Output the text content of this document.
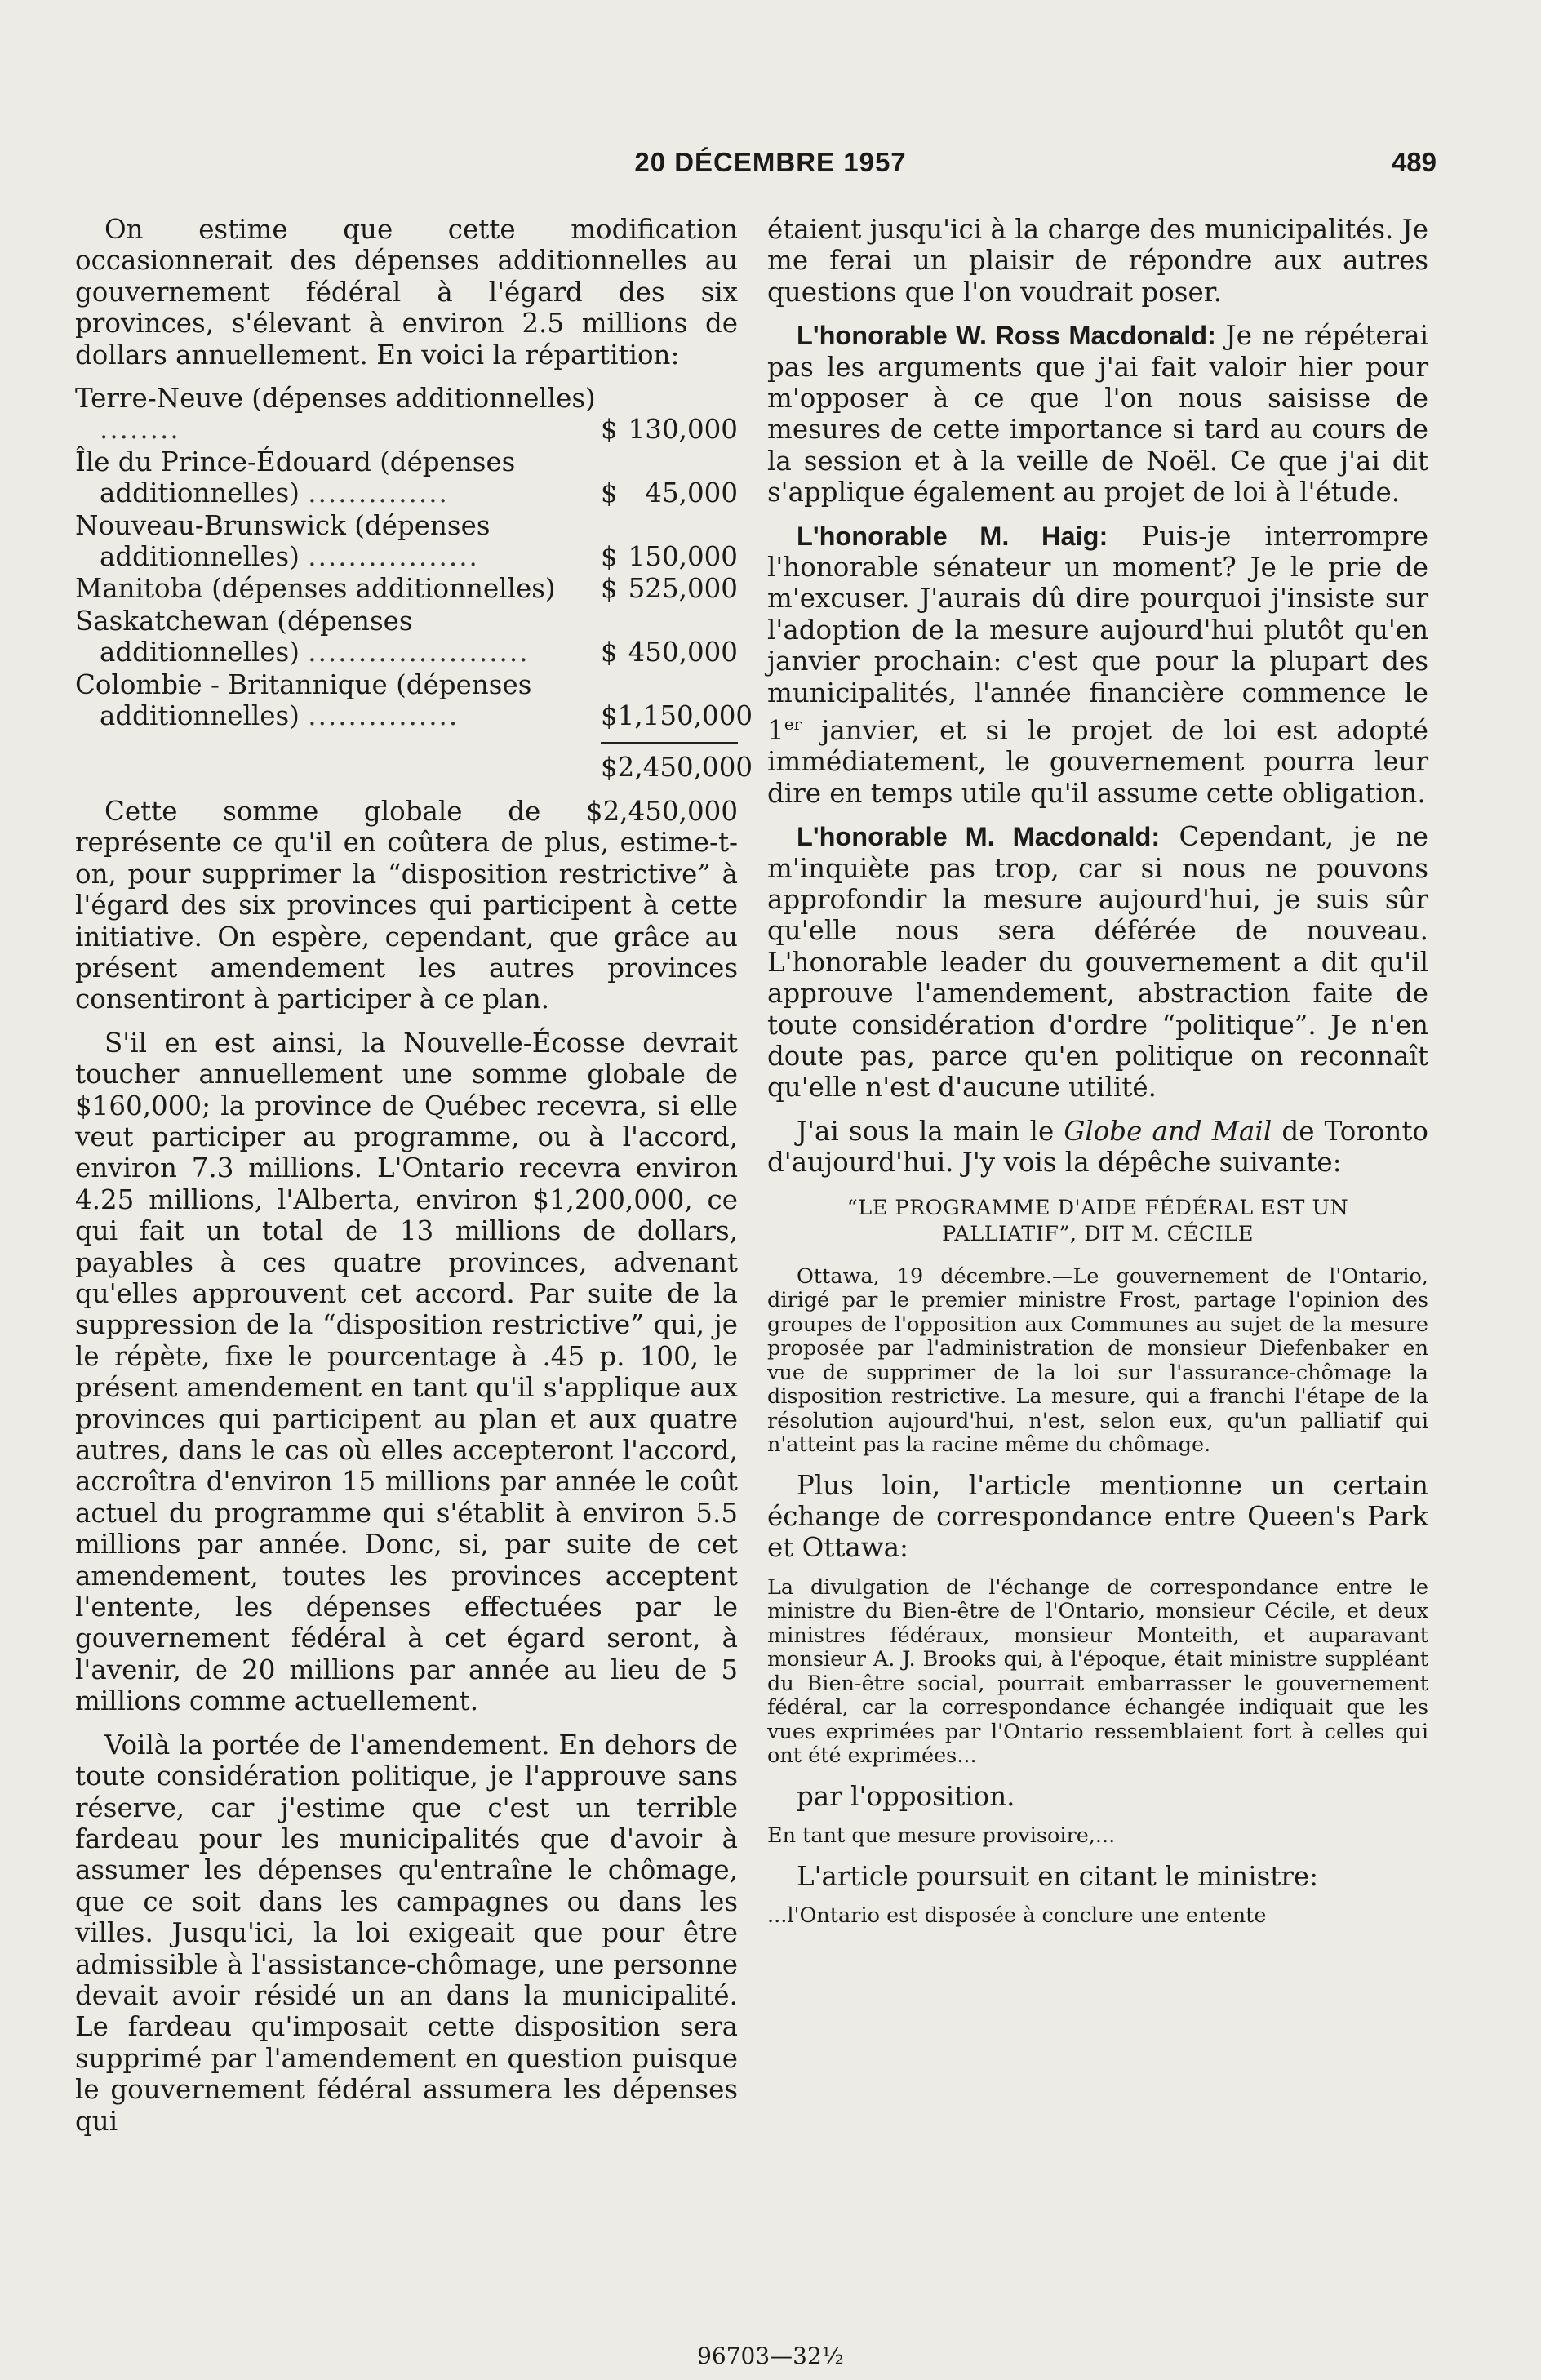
20 DÉCEMBRE 1957	489

On estime que cette modification occasionnerait des dépenses additionnelles au gouvernement fédéral à l'égard des six provinces, s'élevant à environ 2.5 millions de dollars annuellement. En voici la répartition:

Terre-Neuve (dépenses additionnelles) ........	$ 130,000
Île du Prince-Édouard (dépenses additionnelles) ..............	$ 45,000
Nouveau-Brunswick (dépenses additionnelles) .................	$ 150,000
Manitoba (dépenses additionnelles)	$ 525,000
Saskatchewan (dépenses additionnelles) ......................	$ 450,000
Colombie - Britannique (dépenses additionnelles) ...............	$1,150,000
$2,450,000

Cette somme globale de $2,450,000 représente ce qu'il en coûtera de plus, estime-t-on, pour supprimer la “disposition restrictive” à l'égard des six provinces qui participent à cette initiative. On espère, cependant, que grâce au présent amendement les autres provinces consentiront à participer à ce plan.

S'il en est ainsi, la Nouvelle-Écosse devrait toucher annuellement une somme globale de $160,000; la province de Québec recevra, si elle veut participer au programme, ou à l'accord, environ 7.3 millions. L'Ontario recevra environ 4.25 millions, l'Alberta, environ $1,200,000, ce qui fait un total de 13 millions de dollars, payables à ces quatre provinces, advenant qu'elles approuvent cet accord. Par suite de la suppression de la “disposition restrictive” qui, je le répète, fixe le pourcentage à .45 p. 100, le présent amendement en tant qu'il s'applique aux provinces qui participent au plan et aux quatre autres, dans le cas où elles accepteront l'accord, accroîtra d'environ 15 millions par année le coût actuel du programme qui s'établit à environ 5.5 millions par année. Donc, si, par suite de cet amendement, toutes les provinces acceptent l'entente, les dépenses effectuées par le gouvernement fédéral à cet égard seront, à l'avenir, de 20 millions par année au lieu de 5 millions comme actuellement.

Voilà la portée de l'amendement. En dehors de toute considération politique, je l'approuve sans réserve, car j'estime que c'est un terrible fardeau pour les municipalités que d'avoir à assumer les dépenses qu'entraîne le chômage, que ce soit dans les campagnes ou dans les villes. Jusqu'ici, la loi exigeait que pour être admissible à l'assistance-chômage, une personne devait avoir résidé un an dans la municipalité. Le fardeau qu'imposait cette disposition sera supprimé par l'amendement en question puisque le gouvernement fédéral assumera les dépenses qui

étaient jusqu'ici à la charge des municipalités. Je me ferai un plaisir de répondre aux autres questions que l'on voudrait poser.

L'honorable W. Ross Macdonald: Je ne répéterai pas les arguments que j'ai fait valoir hier pour m'opposer à ce que l'on nous saisisse de mesures de cette importance si tard au cours de la session et à la veille de Noël. Ce que j'ai dit s'applique également au projet de loi à l'étude.

L'honorable M. Haig: Puis-je interrompre l'honorable sénateur un moment? Je le prie de m'excuser. J'aurais dû dire pourquoi j'insiste sur l'adoption de la mesure aujourd'hui plutôt qu'en janvier prochain: c'est que pour la plupart des municipalités, l'année financière commence le 1er janvier, et si le projet de loi est adopté immédiatement, le gouvernement pourra leur dire en temps utile qu'il assume cette obligation.

L'honorable M. Macdonald: Cependant, je ne m'inquiète pas trop, car si nous ne pouvons approfondir la mesure aujourd'hui, je suis sûr qu'elle nous sera déférée de nouveau. L'honorable leader du gouvernement a dit qu'il approuve l'amendement, abstraction faite de toute considération d'ordre “politique”. Je n'en doute pas, parce qu'en politique on reconnaît qu'elle n'est d'aucune utilité.

J'ai sous la main le Globe and Mail de Toronto d'aujourd'hui. J'y vois la dépêche suivante:

“LE PROGRAMME D'AIDE FÉDÉRAL EST UN PALLIATIF”, DIT M. CÉCILE
Ottawa, 19 décembre.—Le gouvernement de l'Ontario, dirigé par le premier ministre Frost, partage l'opinion des groupes de l'opposition aux Communes au sujet de la mesure proposée par l'administration de monsieur Diefenbaker en vue de supprimer de la loi sur l'assurance-chômage la disposition restrictive. La mesure, qui a franchi l'étape de la résolution aujourd'hui, n'est, selon eux, qu'un palliatif qui n'atteint pas la racine même du chômage.

Plus loin, l'article mentionne un certain échange de correspondance entre Queen's Park et Ottawa:

La divulgation de l'échange de correspondance entre le ministre du Bien-être de l'Ontario, monsieur Cécile, et deux ministres fédéraux, monsieur Monteith, et auparavant monsieur A. J. Brooks qui, à l'époque, était ministre suppléant du Bien-être social, pourrait embarrasser le gouvernement fédéral, car la correspondance échangée indiquait que les vues exprimées par l'Ontario ressemblaient fort à celles qui ont été exprimées...

par l'opposition.

En tant que mesure provisoire,...

L'article poursuit en citant le ministre:

...l'Ontario est disposée à conclure une entente
96703—32½
